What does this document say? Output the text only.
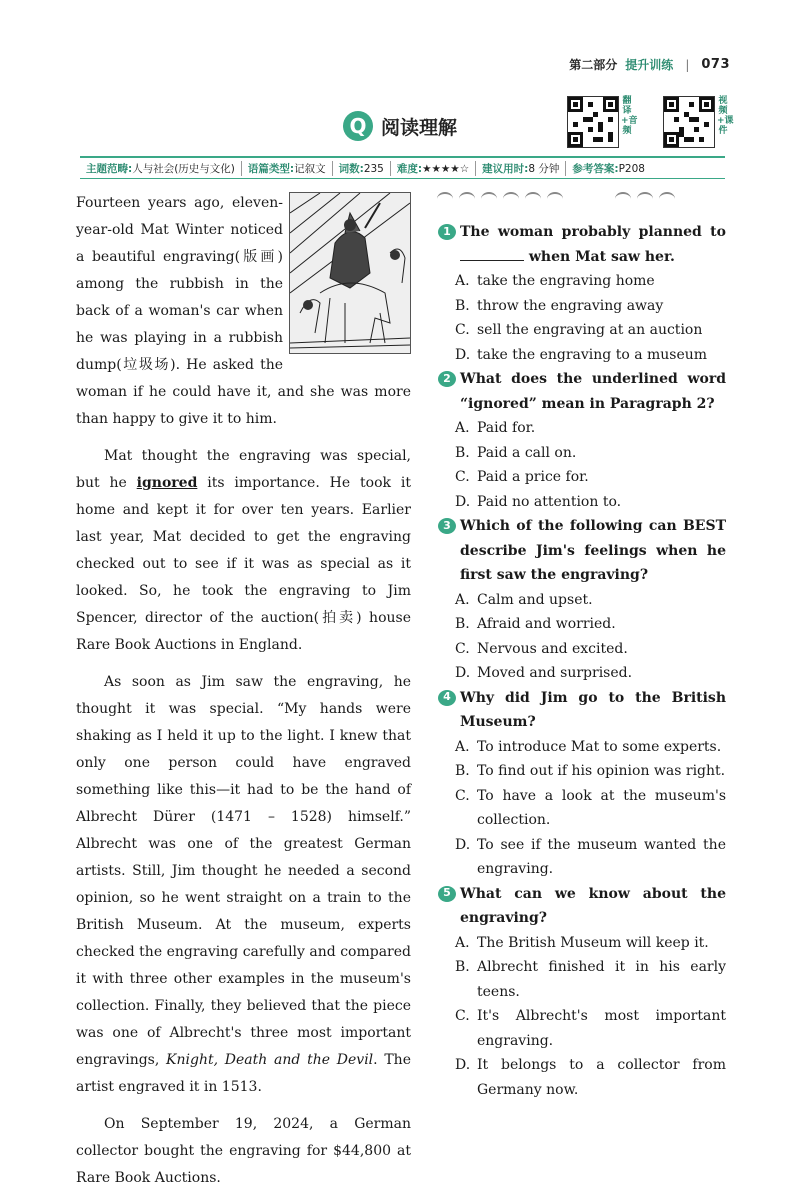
第二部分 提升训练 | 073
Q 阅读理解
翻译+音频
视频+课件
主题范畴:人与社会(历史与文化)	语篇类型:记叙文	词数:235	难度:★★★★☆	建议用时:8 分钟	参考答案:P208

Fourteen years ago, eleven-year-old Mat Winter noticed a beautiful engraving(版画) among the rubbish in the back of a woman's car when he was playing in a rubbish dump(垃圾场). He asked the woman if he could have it, and she was more than happy to give it to him.

Mat thought the engraving was special, but he ignored its importance. He took it home and kept it for over ten years. Earlier last year, Mat decided to get the engraving checked out to see if it was as special as it looked. So, he took the engraving to Jim Spencer, director of the auction(拍卖) house Rare Book Auctions in England.

As soon as Jim saw the engraving, he thought it was special. “My hands were shaking as I held it up to the light. I knew that only one person could have engraved something like this—it had to be the hand of Albrecht Dürer (1471 – 1528) himself.” Albrecht was one of the greatest German artists. Still, Jim thought he needed a second opinion, so he went straight on a train to the British Museum. At the museum, experts checked the engraving carefully and compared it with three other examples in the museum's collection. Finally, they believed that the piece was one of Albrecht's three most important engravings, Knight, Death and the Devil. The artist engraved it in 1513.

On September 19, 2024, a German collector bought the engraving for $44,800 at Rare Book Auctions.

1 The woman probably planned to  when Mat saw her.
A. take the engraving home
B. throw the engraving away
C. sell the engraving at an auction
D. take the engraving to a museum
2 What does the underlined word “ignored” mean in Paragraph 2?
A. Paid for.
B. Paid a call on.
C. Paid a price for.
D. Paid no attention to.
3 Which of the following can BEST describe Jim's feelings when he first saw the engraving?
A. Calm and upset.
B. Afraid and worried.
C. Nervous and excited.
D. Moved and surprised.
4 Why did Jim go to the British Museum?
A. To introduce Mat to some experts.
B. To find out if his opinion was right.
C. To have a look at the museum's collection.
D. To see if the museum wanted the engraving.
5 What can we know about the engraving?
A. The British Museum will keep it.
B. Albrecht finished it in his early teens.
C. It's Albrecht's most important engraving.
D. It belongs to a collector from Germany now.
